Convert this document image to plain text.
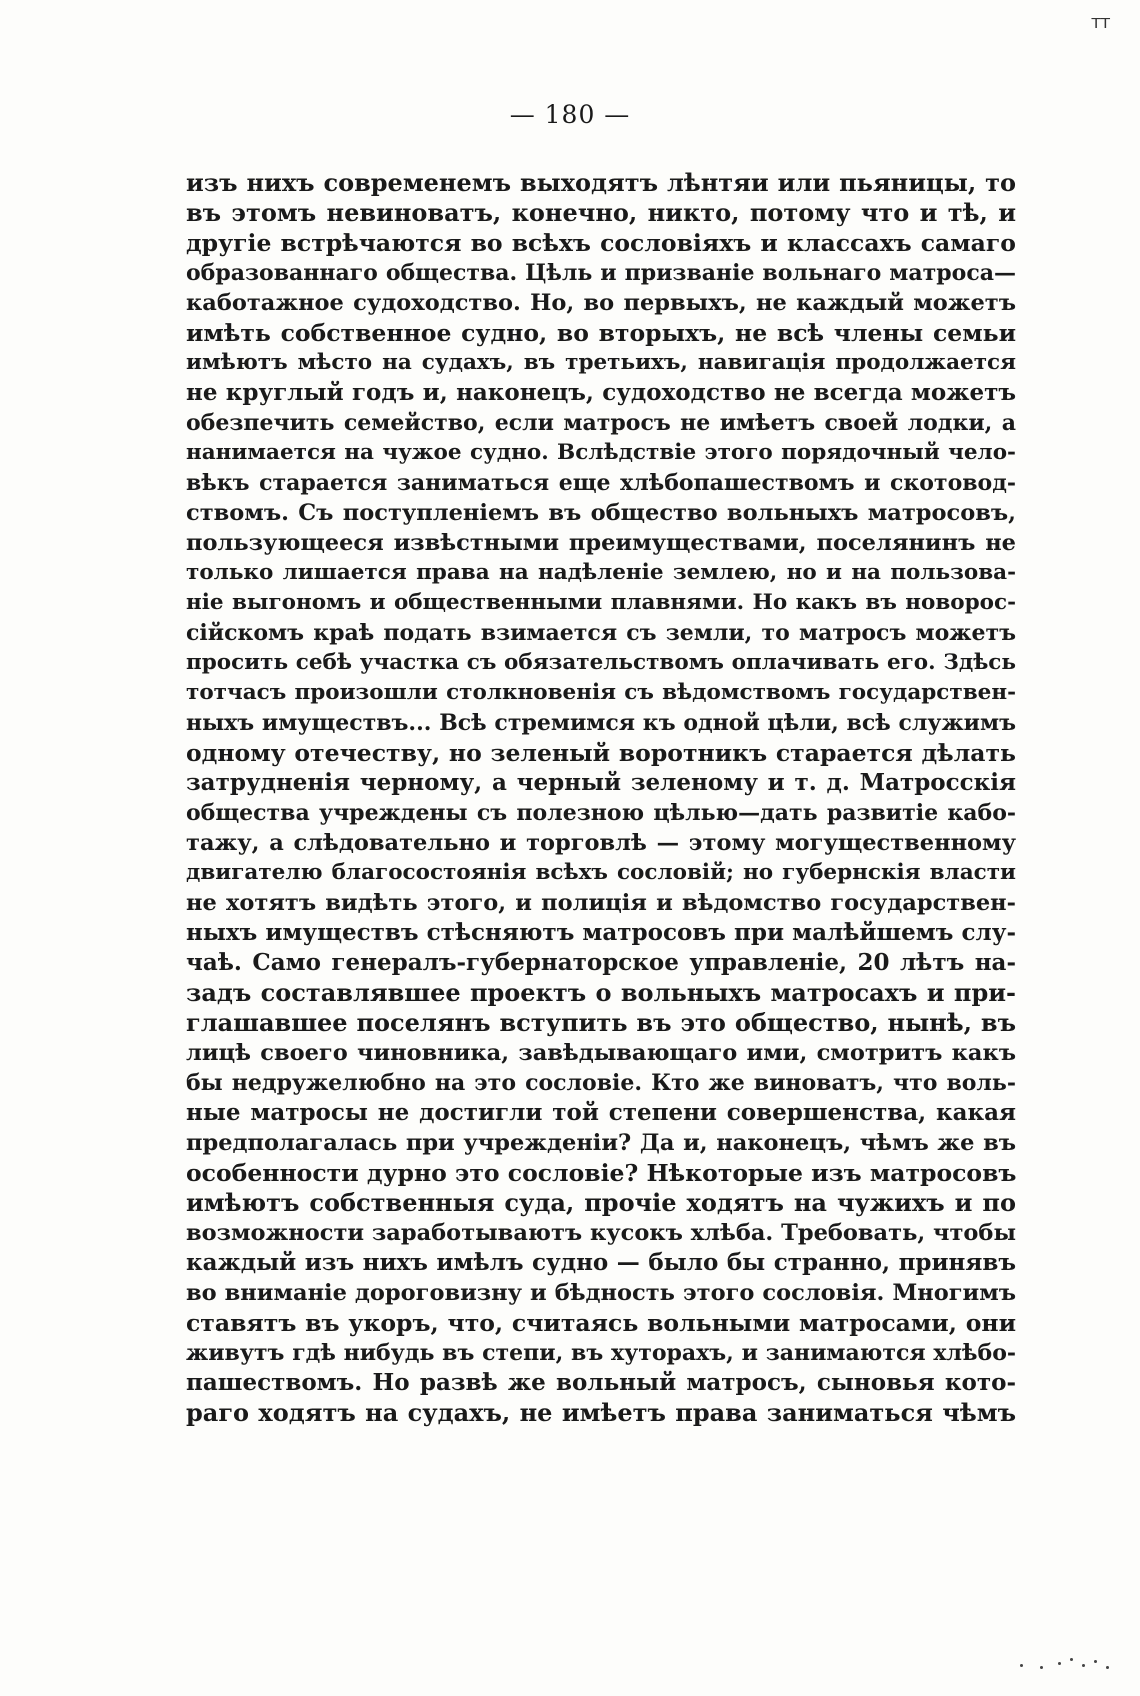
ᵀᵀ
— 180 —
изъ нихъ современемъ выходятъ лѣнтяи или пьяницы, то
въ этомъ невиноватъ, конечно, никто, потому что и тѣ, и
другіе встрѣчаются во всѣхъ сословіяхъ и классахъ самаго
образованнаго общества. Цѣль и призваніе вольнаго матроса—
каботажное судоходство. Но, во первыхъ, не каждый можетъ
имѣть собственное судно, во вторыхъ, не всѣ члены семьи
имѣютъ мѣсто на судахъ, въ третьихъ, навигація продолжается
не круглый годъ и, наконецъ, судоходство не всегда можетъ
обезпечить семейство, если матросъ не имѣетъ своей лодки, а
нанимается на чужое судно. Вслѣдствіе этого порядочный чело-
вѣкъ старается заниматься еще хлѣбопашествомъ и скотовод-
ствомъ. Съ поступленіемъ въ общество вольныхъ матросовъ,
пользующееся извѣстными преимуществами, поселянинъ не
только лишается права на надѣленіе землею, но и на пользова-
ніе выгономъ и общественными плавнями. Но какъ въ новорос-
сійскомъ краѣ подать взимается съ земли, то матросъ можетъ
просить себѣ участка съ обязательствомъ оплачивать его. Здѣсь
тотчасъ произошли столкновенія съ вѣдомствомъ государствен-
ныхъ имуществъ... Всѣ стремимся къ одной цѣли, всѣ служимъ
одному отечеству, но зеленый воротникъ старается дѣлать
затрудненія черному, а черный зеленому и т. д. Матросскія
общества учреждены съ полезною цѣлью—дать развитіе кабо-
тажу, а слѣдовательно и торговлѣ — этому могущественному
двигателю благосостоянія всѣхъ сословій; но губернскія власти
не хотятъ видѣть этого, и полиція и вѣдомство государствен-
ныхъ имуществъ стѣсняютъ матросовъ при малѣйшемъ слу-
чаѣ. Само генералъ-губернаторское управленіе, 20 лѣтъ на-
задъ составлявшее проектъ о вольныхъ матросахъ и при-
глашавшее поселянъ вступить въ это общество, нынѣ, въ
лицѣ своего чиновника, завѣдывающаго ими, смотритъ какъ
бы недружелюбно на это сословіе. Кто же виноватъ, что воль-
ные матросы не достигли той степени совершенства, какая
предполагалась при учрежденіи? Да и, наконецъ, чѣмъ же въ
особенности дурно это сословіе? Нѣкоторые изъ матросовъ
имѣютъ собственныя суда, прочіе ходятъ на чужихъ и по
возможности заработываютъ кусокъ хлѣба. Требовать, чтобы
каждый изъ нихъ имѣлъ судно — было бы странно, принявъ
во вниманіе дороговизну и бѣдность этого сословія. Многимъ
ставятъ въ укоръ, что, считаясь вольными матросами, они
живутъ гдѣ нибудь въ степи, въ хуторахъ, и занимаются хлѣбо-
пашествомъ. Но развѣ же вольный матросъ, сыновья кото-
раго ходятъ на судахъ, не имѣетъ права заниматься чѣмъ
